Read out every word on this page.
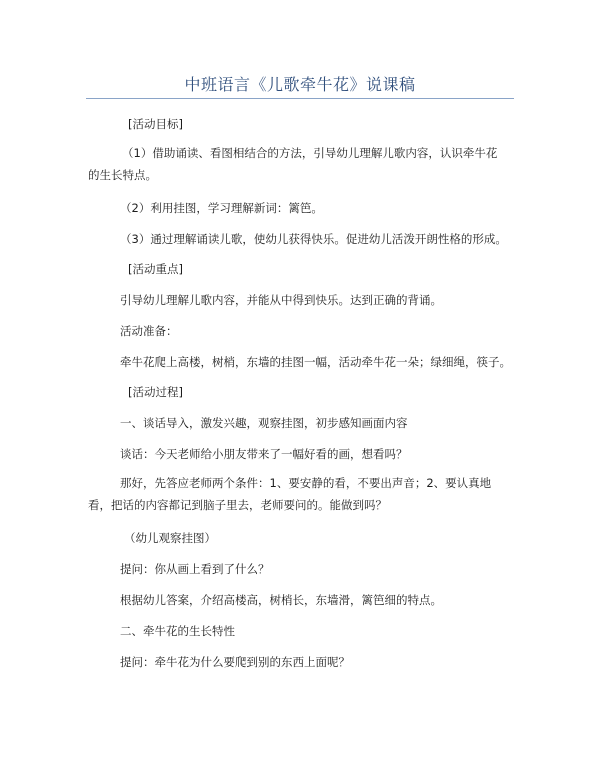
中班语言《儿歌牵牛花》说课稿
[活动目标]
（1）借助诵读、看图相结合的方法，引导幼儿理解儿歌内容，认识牵牛花的生长特点。
（2）利用挂图，学习理解新词：篱笆。
（3）通过理解诵读儿歌，使幼儿获得快乐。促进幼儿活泼开朗性格的形成。
[活动重点]
引导幼儿理解儿歌内容，并能从中得到快乐。达到正确的背诵。
活动准备：
牵牛花爬上高楼，树梢，东墙的挂图一幅，活动牵牛花一朵；绿细绳，筷子。
[活动过程]
一、谈话导入，激发兴趣，观察挂图，初步感知画面内容
谈话：今天老师给小朋友带来了一幅好看的画，想看吗？
那好，先答应老师两个条件：1、要安静的看，不要出声音；2、要认真地看，把话的内容都记到脑子里去，老师要问的。能做到吗？
（幼儿观察挂图）
提问：你从画上看到了什么？
根据幼儿答案，介绍高楼高，树梢长，东墙滑，篱笆细的特点。
二、牵牛花的生长特性
提问：牵牛花为什么要爬到别的东西上面呢？
